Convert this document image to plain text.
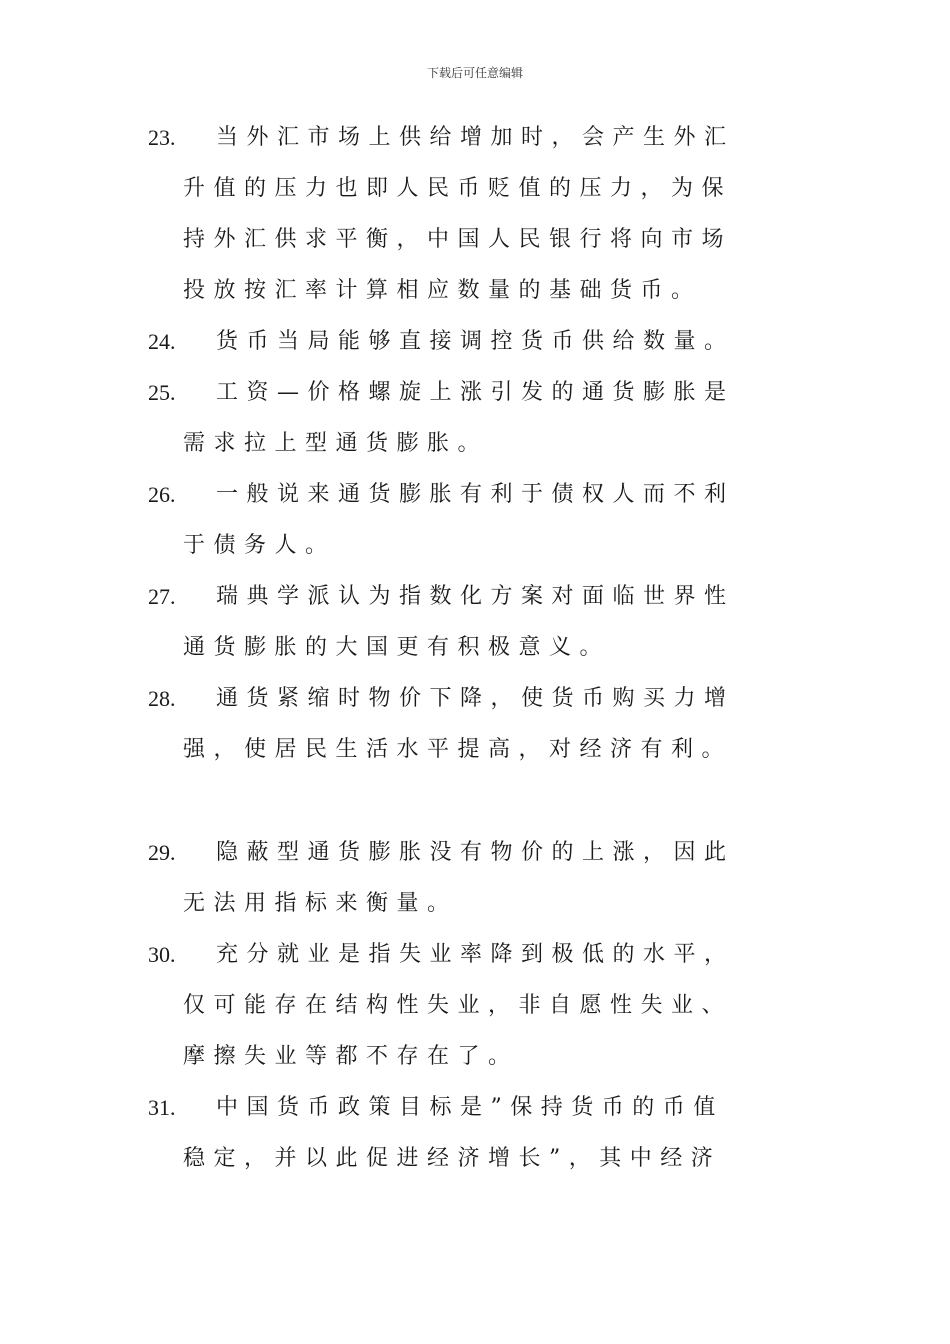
下载后可任意编辑
23. 当外汇市场上供给增加时，会产生外汇
升值的压力也即人民币贬值的压力，为保
持外汇供求平衡，中国人民银行将向市场
投放按汇率计算相应数量的基础货币。
24. 货币当局能够直接调控货币供给数量。
25. 工资—价格螺旋上涨引发的通货膨胀是
需求拉上型通货膨胀。
26. 一般说来通货膨胀有利于债权人而不利
于债务人。
27. 瑞典学派认为指数化方案对面临世界性
通货膨胀的大国更有积极意义。
28. 通货紧缩时物价下降，使货币购买力增
强，使居民生活水平提高，对经济有利。
29. 隐蔽型通货膨胀没有物价的上涨，因此
无法用指标来衡量。
30. 充分就业是指失业率降到极低的水平，
仅可能存在结构性失业，非自愿性失业、
摩擦失业等都不存在了。
31. 中国货币政策目标是”保持货币的币值
稳定，并以此促进经济增长”，其中经济
